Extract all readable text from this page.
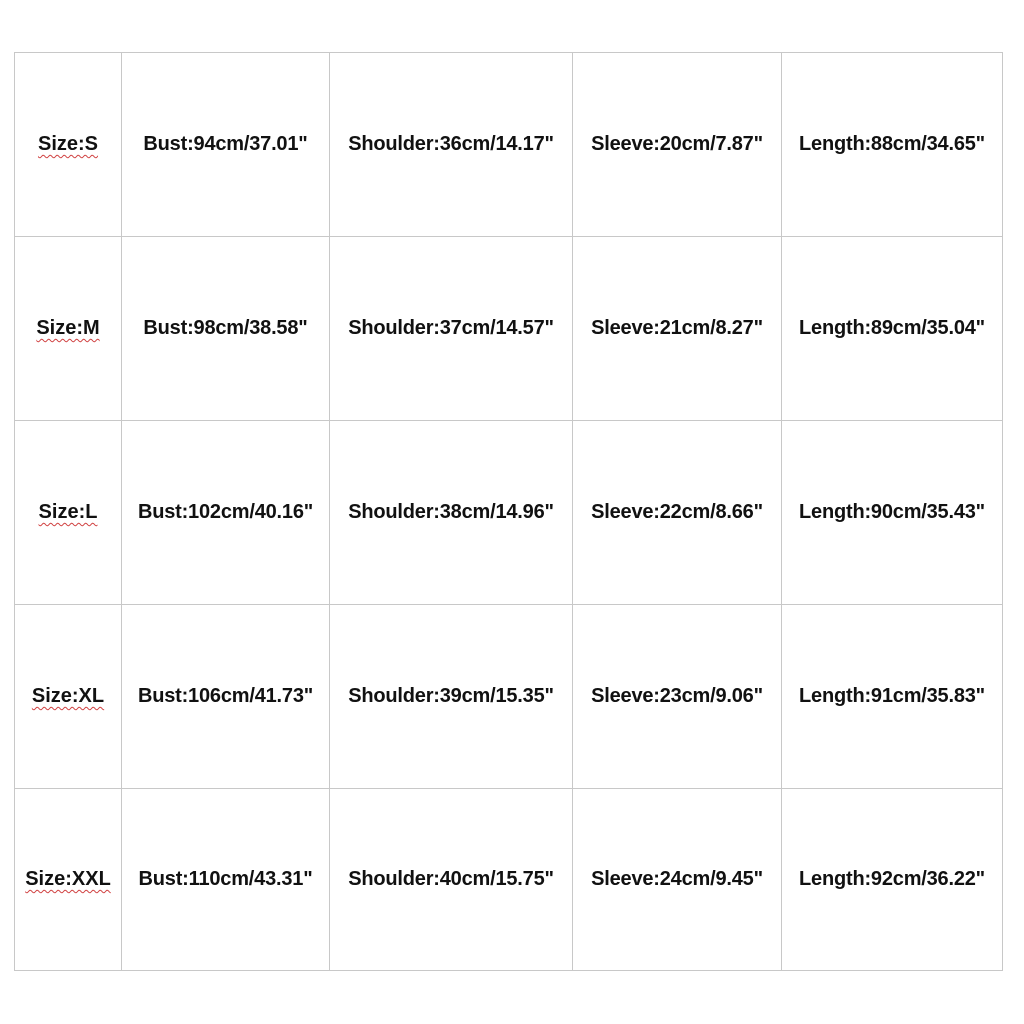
Size:S	Bust:94cm/37.01"	Shoulder:36cm/14.17"	Sleeve:20cm/7.87"	Length:88cm/34.65"
Size:M	Bust:98cm/38.58"	Shoulder:37cm/14.57"	Sleeve:21cm/8.27"	Length:89cm/35.04"
Size:L	Bust:102cm/40.16"	Shoulder:38cm/14.96"	Sleeve:22cm/8.66"	Length:90cm/35.43"
Size:XL	Bust:106cm/41.73"	Shoulder:39cm/15.35"	Sleeve:23cm/9.06"	Length:91cm/35.83"
Size:XXL	Bust:110cm/43.31"	Shoulder:40cm/15.75"	Sleeve:24cm/9.45"	Length:92cm/36.22"
